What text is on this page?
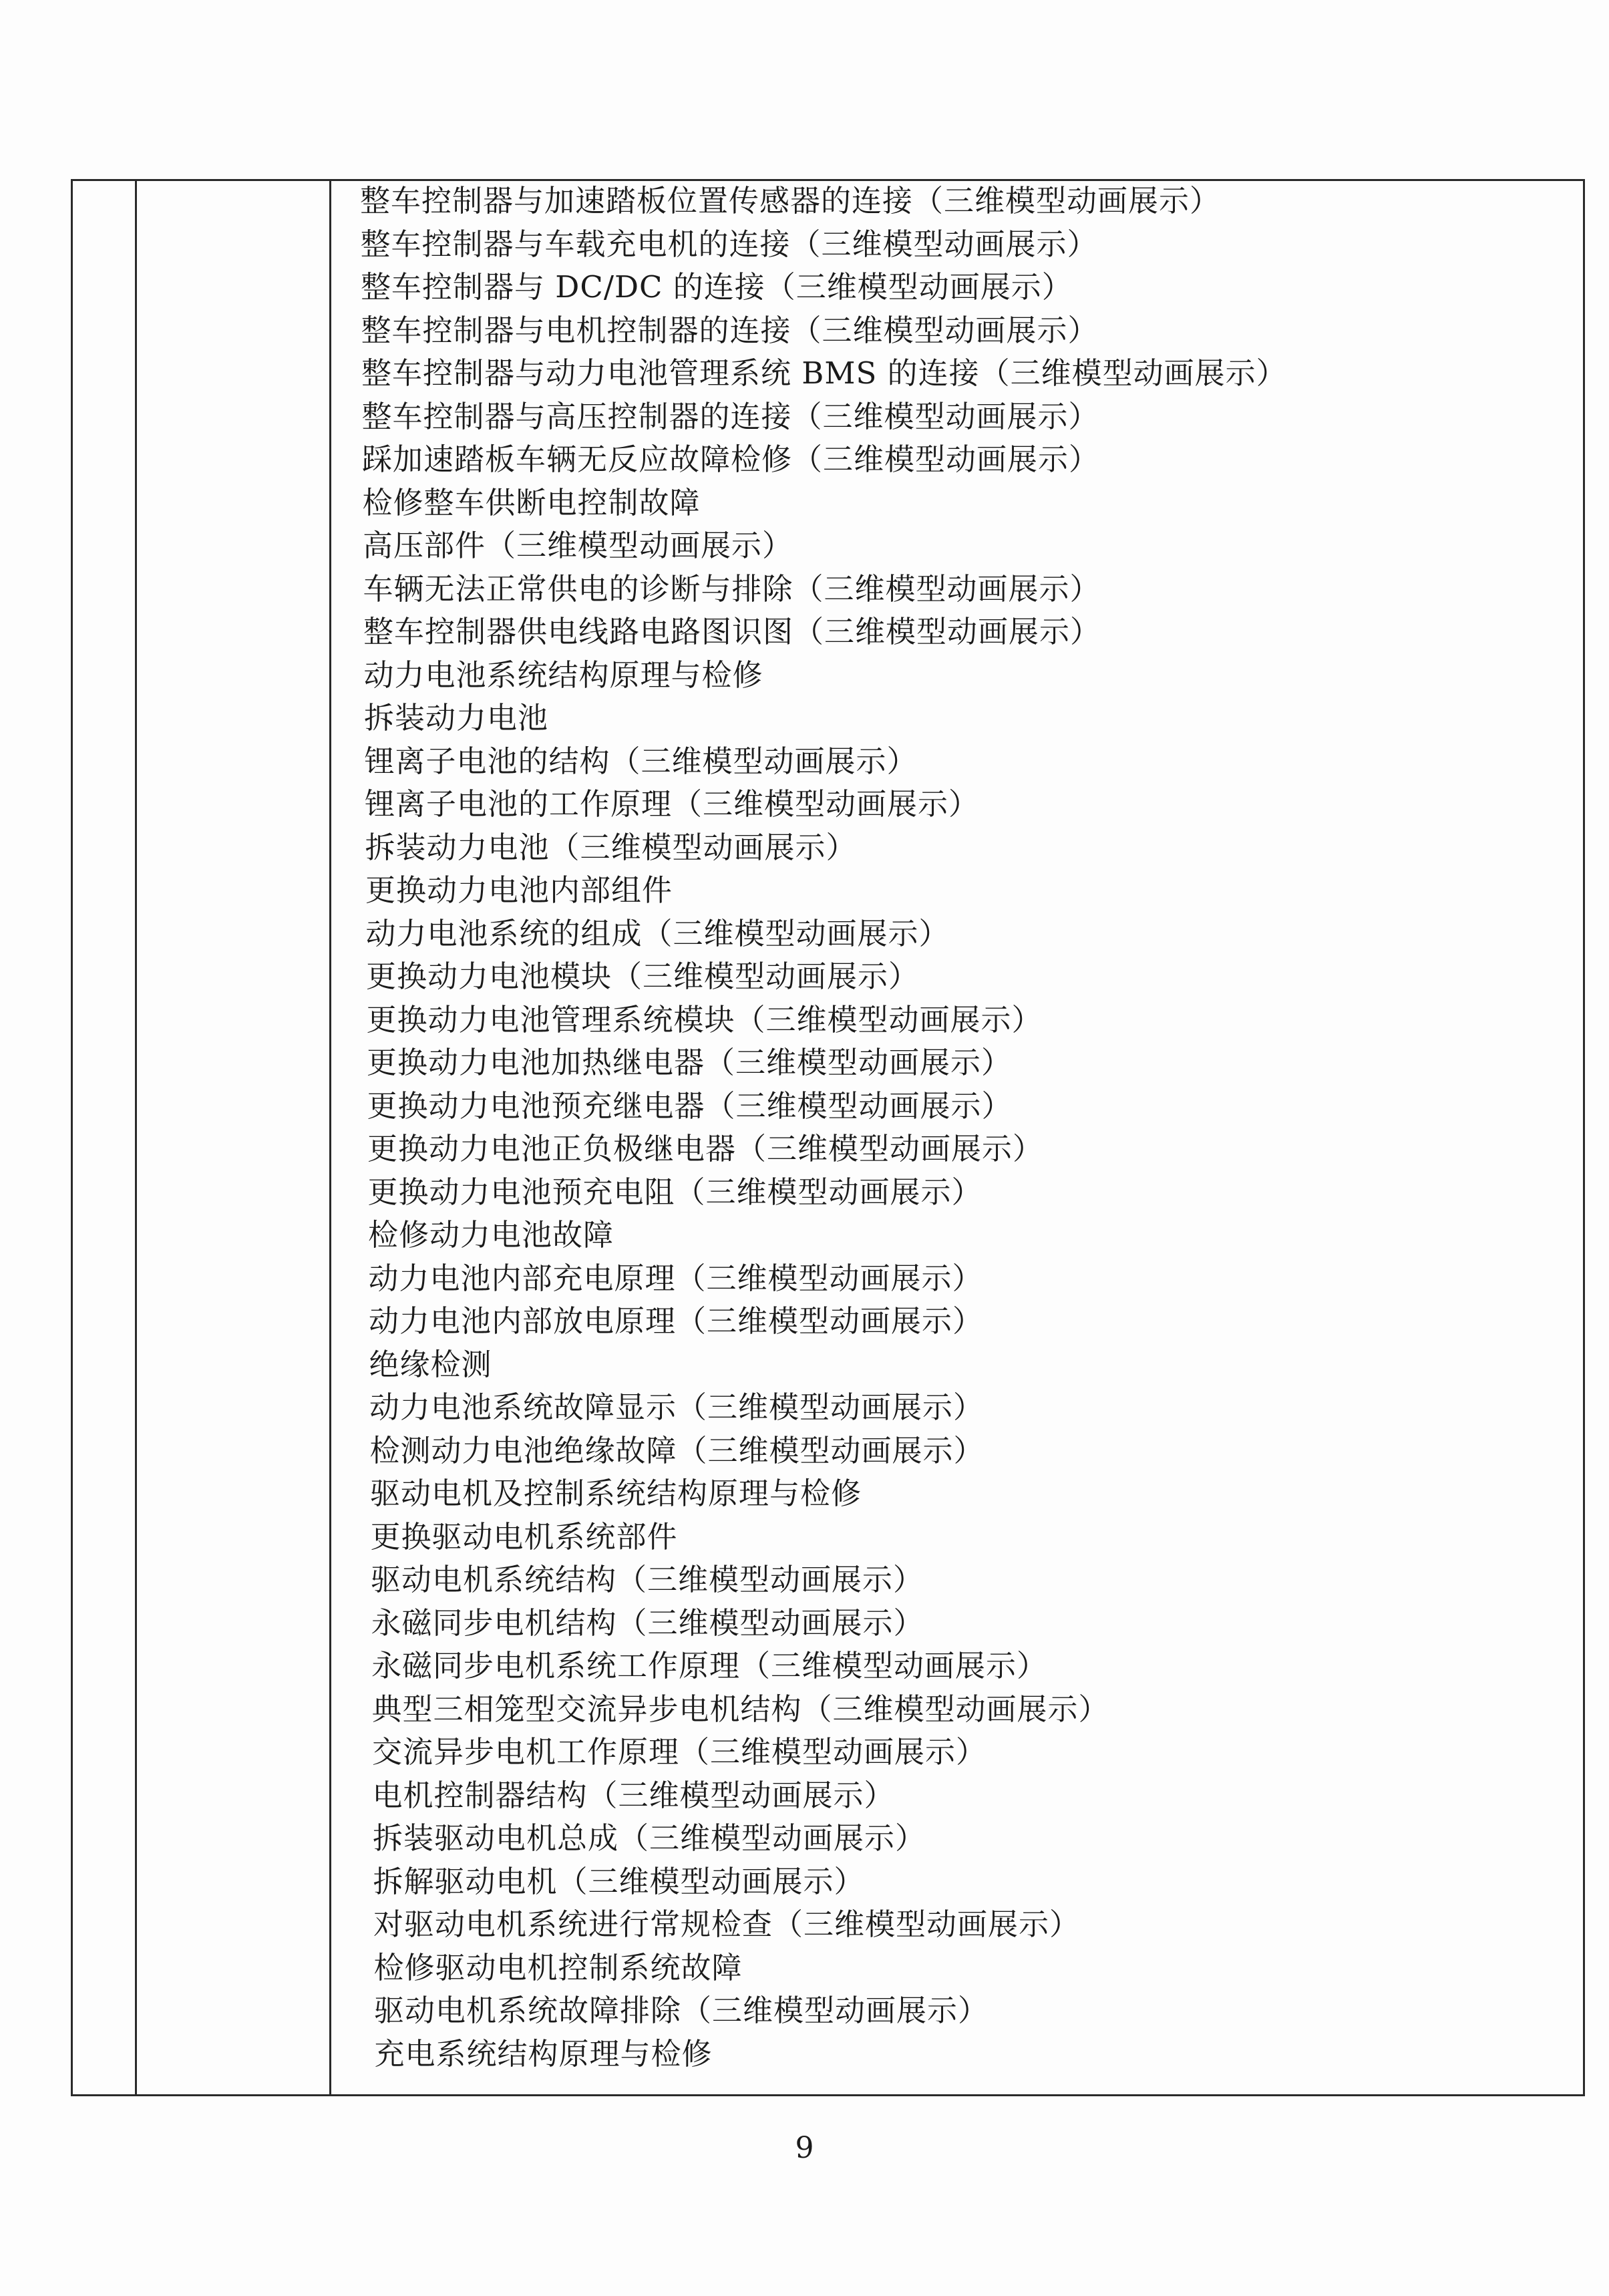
整车控制器与加速踏板位置传感器的连接（三维模型动画展示）
整车控制器与车载充电机的连接（三维模型动画展示）
整车控制器与 DC/DC 的连接（三维模型动画展示）
整车控制器与电机控制器的连接（三维模型动画展示）
整车控制器与动力电池管理系统 BMS 的连接（三维模型动画展示）
整车控制器与高压控制器的连接（三维模型动画展示）
踩加速踏板车辆无反应故障检修（三维模型动画展示）
检修整车供断电控制故障
高压部件（三维模型动画展示）
车辆无法正常供电的诊断与排除（三维模型动画展示）
整车控制器供电线路电路图识图（三维模型动画展示）
动力电池系统结构原理与检修
拆装动力电池
锂离子电池的结构（三维模型动画展示）
锂离子电池的工作原理（三维模型动画展示）
拆装动力电池（三维模型动画展示）
更换动力电池内部组件
动力电池系统的组成（三维模型动画展示）
更换动力电池模块（三维模型动画展示）
更换动力电池管理系统模块（三维模型动画展示）
更换动力电池加热继电器（三维模型动画展示）
更换动力电池预充继电器（三维模型动画展示）
更换动力电池正负极继电器（三维模型动画展示）
更换动力电池预充电阻（三维模型动画展示）
检修动力电池故障
动力电池内部充电原理（三维模型动画展示）
动力电池内部放电原理（三维模型动画展示）
绝缘检测
动力电池系统故障显示（三维模型动画展示）
检测动力电池绝缘故障（三维模型动画展示）
驱动电机及控制系统结构原理与检修
更换驱动电机系统部件
驱动电机系统结构（三维模型动画展示）
永磁同步电机结构（三维模型动画展示）
永磁同步电机系统工作原理（三维模型动画展示）
典型三相笼型交流异步电机结构（三维模型动画展示）
交流异步电机工作原理（三维模型动画展示）
电机控制器结构（三维模型动画展示）
拆装驱动电机总成（三维模型动画展示）
拆解驱动电机（三维模型动画展示）
对驱动电机系统进行常规检查（三维模型动画展示）
检修驱动电机控制系统故障
驱动电机系统故障排除（三维模型动画展示）
充电系统结构原理与检修
9
